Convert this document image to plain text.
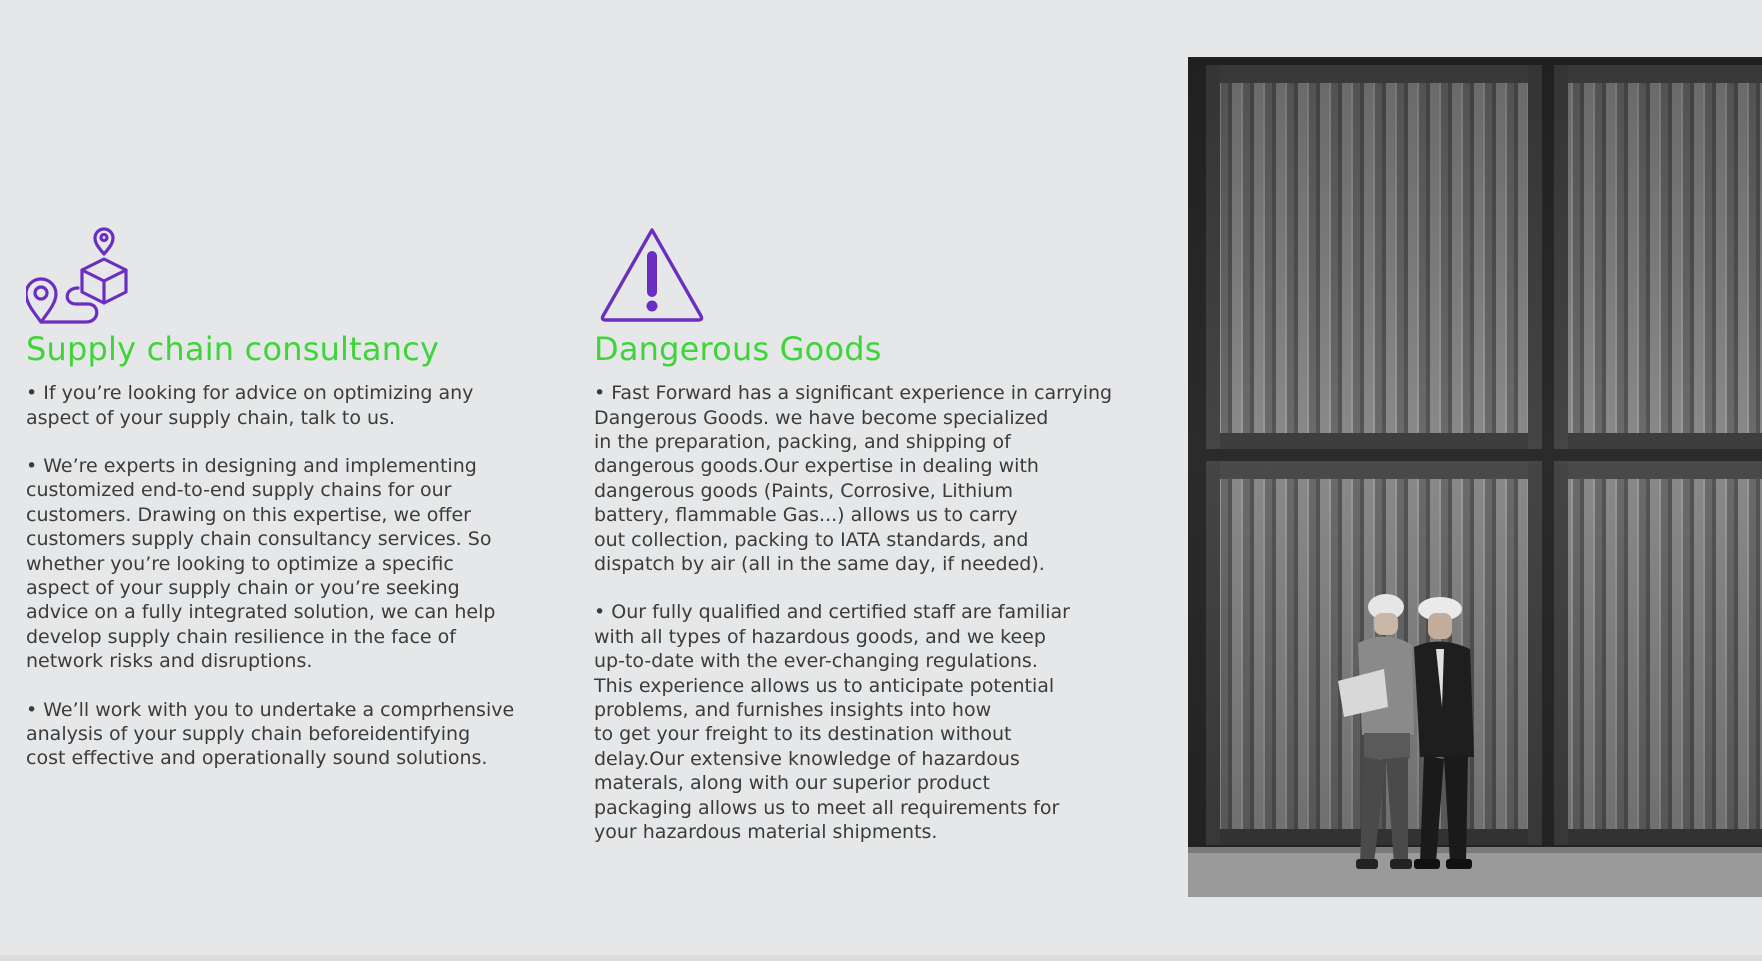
Supply chain consultancy

• If you’re looking for advice on optimizing any
aspect of your supply chain, talk to us.

• We’re experts in designing and implementing
customized end-to-end supply chains for our
customers. Drawing on this expertise, we offer
customers supply chain consultancy services. So
whether you’re looking to optimize a specific
aspect of your supply chain or you’re seeking
advice on a fully integrated solution, we can help
develop supply chain resilience in the face of
network risks and disruptions.

• We’ll work with you to undertake a comprhensive
analysis of your supply chain beforeidentifying
cost effective and operationally sound solutions.

Dangerous Goods

• Fast Forward has a significant experience in carrying
Dangerous Goods. we have become specialized
in the preparation, packing, and shipping of
dangerous goods.Our expertise in dealing with
dangerous goods (Paints, Corrosive, Lithium
battery, flammable Gas...) allows us to carry
out collection, packing to IATA standards, and
dispatch by air (all in the same day, if needed).

• Our fully qualified and certified staff are familiar
with all types of hazardous goods, and we keep
up-to-date with the ever-changing regulations.
This experience allows us to anticipate potential
problems, and furnishes insights into how
to get your freight to its destination without
delay.Our extensive knowledge of hazardous
materals, along with our superior product
packaging allows us to meet all requirements for
your hazardous material shipments.
